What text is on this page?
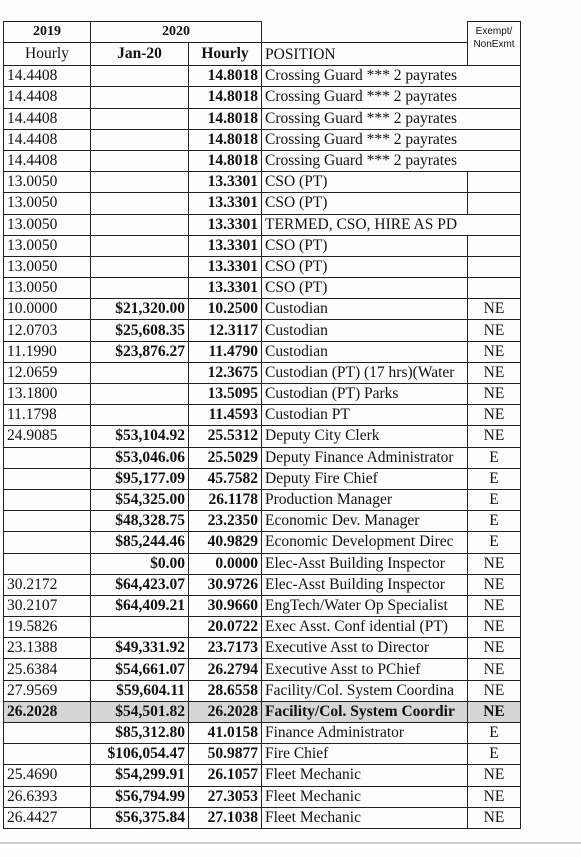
2019	2020			Exempt/
NonExmt

Hourly	Jan-20	Hourly	POSITION	
14.4408		14.8018	Crossing Guard *** 2 payrates	
14.4408		14.8018	Crossing Guard *** 2 payrates	
14.4408		14.8018	Crossing Guard *** 2 payrates	
14.4408		14.8018	Crossing Guard *** 2 payrates	
14.4408		14.8018	Crossing Guard *** 2 payrates	
13.0050		13.3301	CSO (PT)	
13.0050		13.3301	CSO (PT)	
13.0050		13.3301	TERMED, CSO, HIRE AS PD	
13.0050		13.3301	CSO (PT)	
13.0050		13.3301	CSO (PT)	
13.0050		13.3301	CSO (PT)	
10.0000	$21,320.00	10.2500	Custodian	NE
12.0703	$25,608.35	12.3117	Custodian	NE
11.1990	$23,876.27	11.4790	Custodian	NE
12.0659		12.3675	Custodian (PT) (17 hrs)(Water	NE
13.1800		13.5095	Custodian (PT) Parks	NE
11.1798		11.4593	Custodian PT	NE
24.9085	$53,104.92	25.5312	Deputy City Clerk	NE
	$53,046.06	25.5029	Deputy Finance Administrator	E
	$95,177.09	45.7582	Deputy Fire Chief	E
	$54,325.00	26.1178	Production Manager	E
	$48,328.75	23.2350	Economic Dev. Manager	E
	$85,244.46	40.9829	Economic Development Direc	E
	$0.00	0.0000	Elec-Asst Building Inspector	NE
30.2172	$64,423.07	30.9726	Elec-Asst Building Inspector	NE
30.2107	$64,409.21	30.9660	EngTech/Water Op Specialist	NE
19.5826		20.0722	Exec Asst. Conf idential (PT)	NE
23.1388	$49,331.92	23.7173	Executive Asst to Director	NE
25.6384	$54,661.07	26.2794	Executive Asst to PChief	NE
27.9569	$59,604.11	28.6558	Facility/Col. System Coordina	NE
26.2028	$54,501.82	26.2028	Facility/Col. System Coordir	NE
	$85,312.80	41.0158	Finance Administrator	E
	$106,054.47	50.9877	Fire Chief	E
25.4690	$54,299.91	26.1057	Fleet Mechanic	NE
26.6393	$56,794.99	27.3053	Fleet Mechanic	NE
26.4427	$56,375.84	27.1038	Fleet Mechanic	NE
